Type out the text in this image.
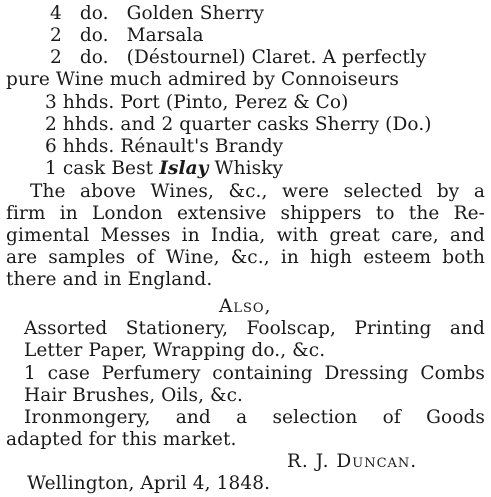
4 do. Golden Sherry
2 do. Marsala
2 do. (Déstournel) Claret. A perfectly
pure Wine much admired by Connoiseurs
3 hhds. Port (Pinto, Perez & Co)
2 hhds. and 2 quarter casks Sherry (Do.)
6 hhds. Rénault's Brandy
1 cask Best Islay Whisky
The above Wines, &c., were selected by a
firm in London extensive shippers to the Re-
gimental Messes in India, with great care, and
are samples of Wine, &c., in high esteem both
there and in England.
Also,
Assorted Stationery, Foolscap, Printing and
Letter Paper, Wrapping do., &c.
1 case Perfumery containing Dressing Combs
Hair Brushes, Oils, &c.
Ironmongery, and a selection of Goods
adapted for this market.
R. J. Duncan.
Wellington, April 4, 1848.
